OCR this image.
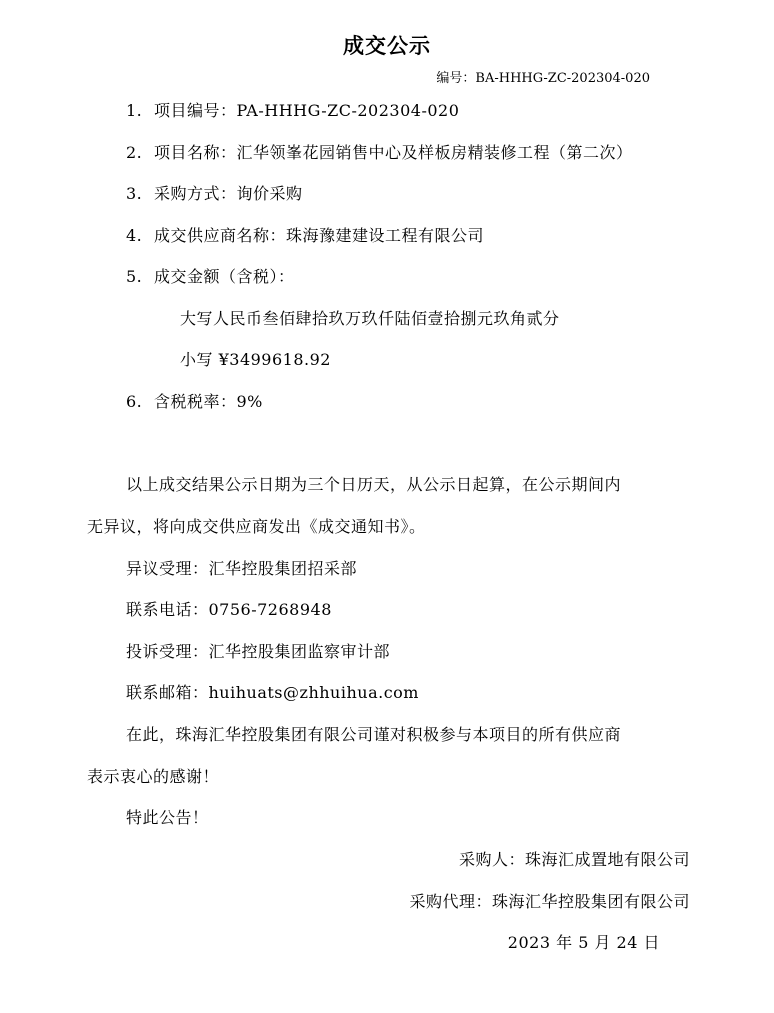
成交公示
编号：BA-HHHG-ZC-202304-020
1. 项目编号：PA-HHHG-ZC-202304-020
2. 项目名称：汇华领峯花园销售中心及样板房精装修工程（第二次）
3. 采购方式：询价采购
4. 成交供应商名称：珠海豫建建设工程有限公司
5. 成交金额（含税）：
大写人民币叁佰肆拾玖万玖仟陆佰壹拾捌元玖角贰分
小写 ¥3499618.92
6. 含税税率：9%
以上成交结果公示日期为三个日历天，从公示日起算，在公示期间内
无异议，将向成交供应商发出《成交通知书》。
异议受理：汇华控股集团招采部
联系电话：0756-7268948
投诉受理：汇华控股集团监察审计部
联系邮箱：huihuats@zhhuihua.com
在此，珠海汇华控股集团有限公司谨对积极参与本项目的所有供应商
表示衷心的感谢！
特此公告！
采购人：珠海汇成置地有限公司
采购代理：珠海汇华控股集团有限公司
2023 年 5 月 24 日
